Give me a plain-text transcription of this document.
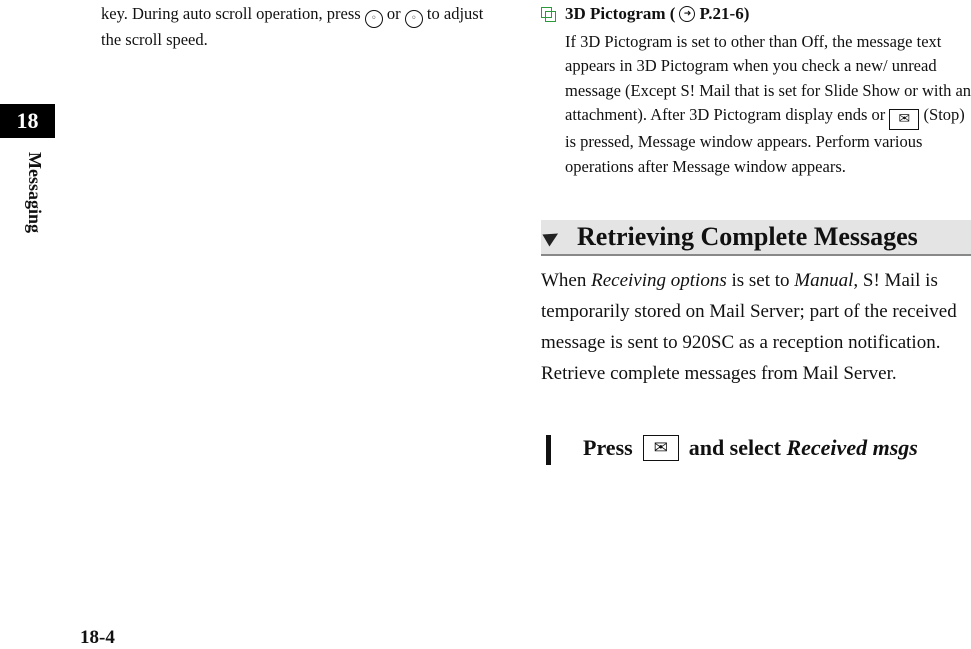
18
Messaging
18-4
key. During auto scroll operation, press ◦ or ◦ to adjust the scroll speed.
3D Pictogram ( ➜ P.21-6)
If 3D Pictogram is set to other than Off, the message text appears in 3D Pictogram when you check a new/ unread message (Except S! Mail that is set for Slide Show or with an attachment). After 3D Pictogram display ends or ✉ (Stop) is pressed, Message window appears. Perform various operations after Message window appears.
Retrieving Complete Messages
When Receiving options is set to Manual, S! Mail is temporarily stored on Mail Server; part of the received message is sent to 920SC as a reception notification. Retrieve complete messages from Mail Server.
Press	✉ and select
Received msgs
